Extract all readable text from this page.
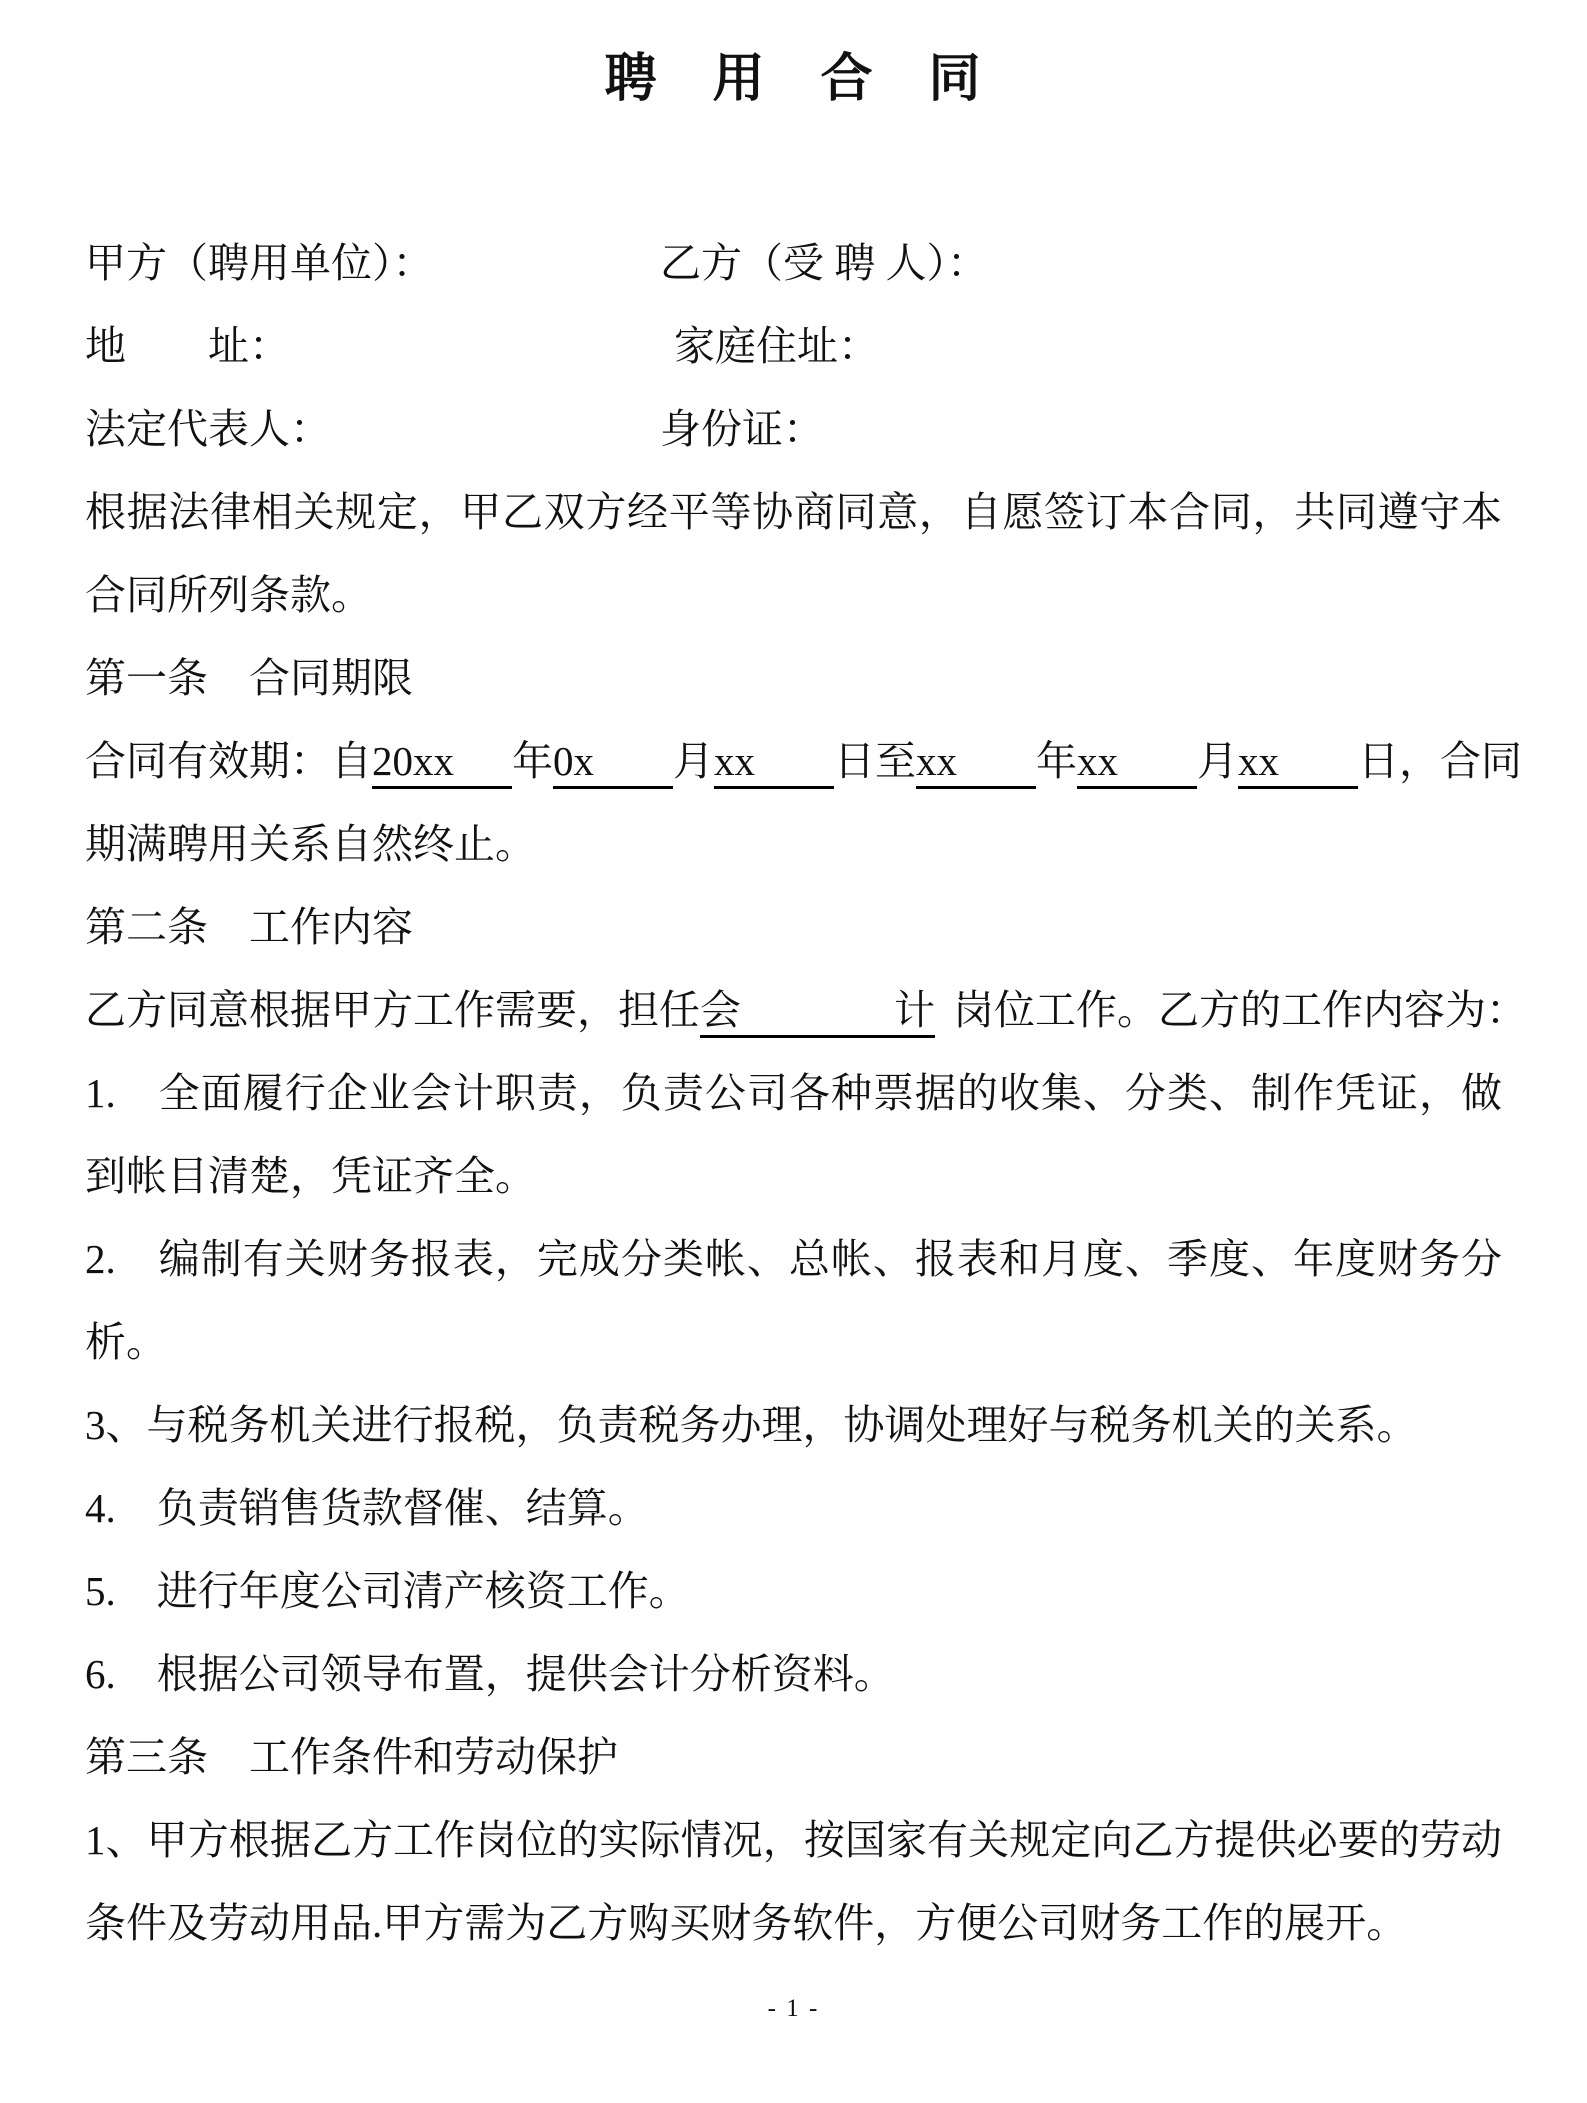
聘　用　合　同

甲方（聘用单位）：	乙方（受 聘 人）：

地　　址：	家庭住址：

法定代表人：	身份证：

根据法律相关规定，甲乙双方经平等协商同意，自愿签订本合同，共同遵守本

合同所列条款。

第一条　合同期限

合同有效期：自20xx 年0x 月xx 日至xx 年xx 月xx 日，合同

期满聘用关系自然终止。

第二条　工作内容

乙方同意根据甲方工作需要，担任会计 岗位工作。乙方的工作内容为：

1.　全面履行企业会计职责，负责公司各种票据的收集、分类、制作凭证，做

到帐目清楚，凭证齐全。

2.　编制有关财务报表，完成分类帐、总帐、报表和月度、季度、年度财务分

析。

3、与税务机关进行报税，负责税务办理，协调处理好与税务机关的关系。

4.　负责销售货款督催、结算。

5.　进行年度公司清产核资工作。

6.　根据公司领导布置，提供会计分析资料。

第三条　工作条件和劳动保护

1、甲方根据乙方工作岗位的实际情况，按国家有关规定向乙方提供必要的劳动

条件及劳动用品.甲方需为乙方购买财务软件，方便公司财务工作的展开。

- 1 -
